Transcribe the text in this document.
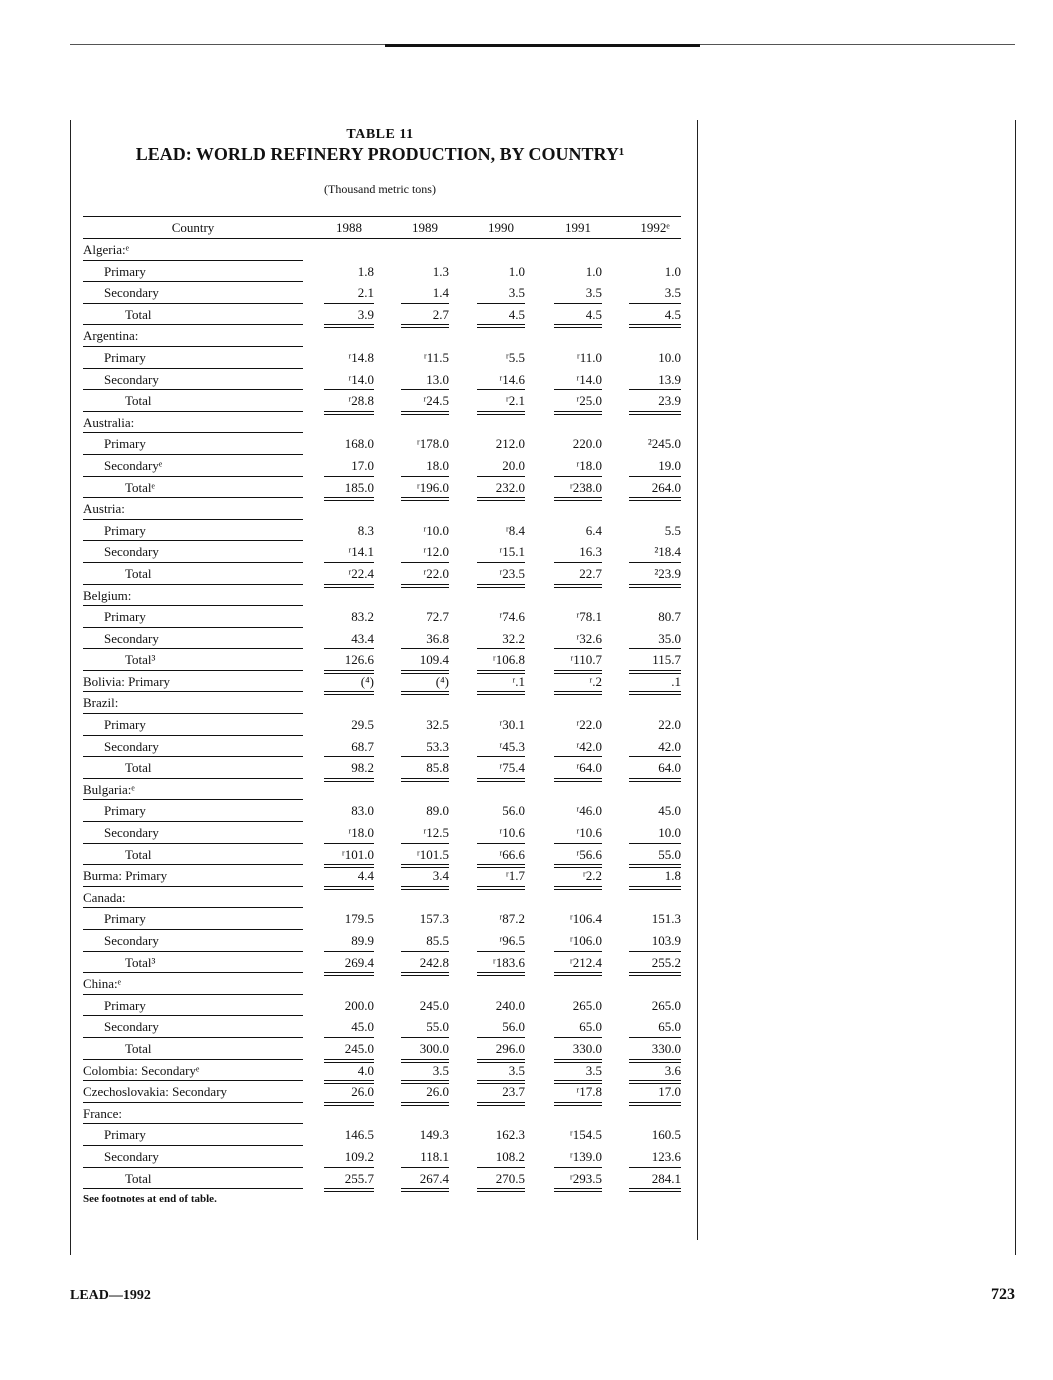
TABLE 11
LEAD: WORLD REFINERY PRODUCTION, BY COUNTRY¹
(Thousand metric tons)
Country	1988	1989	1990	1991	1992ᵉ
Algeria:ᵉ
Primary	1.8	1.3	1.0	1.0	1.0
Secondary	2.1	1.4	3.5	3.5	3.5
Total	3.9	2.7	4.5	4.5	4.5
Argentina:
Primary	ʳ14.8	ʳ11.5	ʳ5.5	ʳ11.0	10.0
Secondary	ʳ14.0	13.0	ʳ14.6	ʳ14.0	13.9
Total	ʳ28.8	ʳ24.5	ʳ2.1	ʳ25.0	23.9
Australia:
Primary	168.0	ʳ178.0	212.0	220.0	²245.0
Secondaryᵉ	17.0	18.0	20.0	ʳ18.0	19.0
Totalᵉ	185.0	ʳ196.0	232.0	ʳ238.0	264.0
Austria:
Primary	8.3	ʳ10.0	ʳ8.4	6.4	5.5
Secondary	ʳ14.1	ʳ12.0	ʳ15.1	16.3	²18.4
Total	ʳ22.4	ʳ22.0	ʳ23.5	22.7	²23.9
Belgium:
Primary	83.2	72.7	ʳ74.6	ʳ78.1	80.7
Secondary	43.4	36.8	32.2	ʳ32.6	35.0
Total³	126.6	109.4	ʳ106.8	ʳ110.7	115.7
Bolivia: Primary	(⁴)	(⁴)	ʳ.1	ʳ.2	.1
Brazil:
Primary	29.5	32.5	ʳ30.1	ʳ22.0	22.0
Secondary	68.7	53.3	ʳ45.3	ʳ42.0	42.0
Total	98.2	85.8	ʳ75.4	ʳ64.0	64.0
Bulgaria:ᵉ
Primary	83.0	89.0	56.0	ʳ46.0	45.0
Secondary	ʳ18.0	ʳ12.5	ʳ10.6	ʳ10.6	10.0
Total	ʳ101.0	ʳ101.5	ʳ66.6	ʳ56.6	55.0
Burma: Primary	4.4	3.4	ʳ1.7	ʳ2.2	1.8
Canada:
Primary	179.5	157.3	ʳ87.2	ʳ106.4	151.3
Secondary	89.9	85.5	ʳ96.5	ʳ106.0	103.9
Total³	269.4	242.8	ʳ183.6	ʳ212.4	255.2
China:ᵉ
Primary	200.0	245.0	240.0	265.0	265.0
Secondary	45.0	55.0	56.0	65.0	65.0
Total	245.0	300.0	296.0	330.0	330.0
Colombia: Secondaryᵉ	4.0	3.5	3.5	3.5	3.6
Czechoslovakia: Secondary	26.0	26.0	23.7	ʳ17.8	17.0
France:
Primary	146.5	149.3	162.3	ʳ154.5	160.5
Secondary	109.2	118.1	108.2	ʳ139.0	123.6
Total	255.7	267.4	270.5	ʳ293.5	284.1
See footnotes at end of table.
LEAD—1992	723
